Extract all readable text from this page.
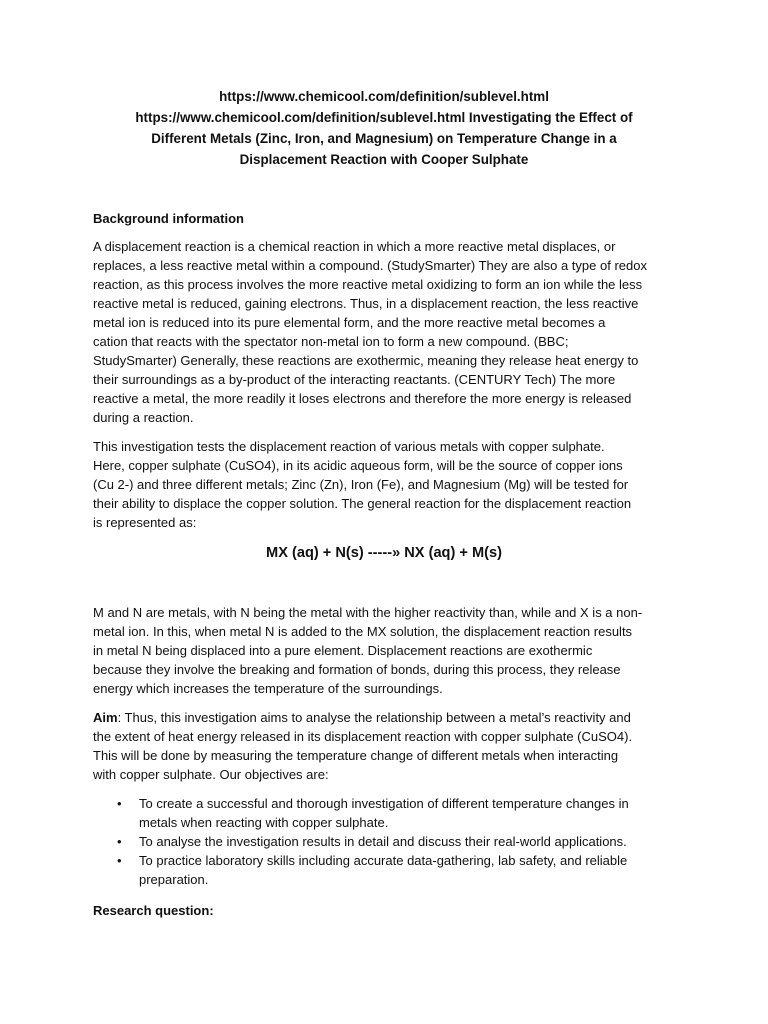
https://www.chemicool.com/definition/sublevel.html
https://www.chemicool.com/definition/sublevel.html Investigating the Effect of
Different Metals (Zinc, Iron, and Magnesium) on Temperature Change in a
Displacement Reaction with Cooper Sulphate
Background information
A displacement reaction is a chemical reaction in which a more reactive metal displaces, or
replaces, a less reactive metal within a compound. (StudySmarter) They are also a type of redox
reaction, as this process involves the more reactive metal oxidizing to form an ion while the less
reactive metal is reduced, gaining electrons. Thus, in a displacement reaction, the less reactive
metal ion is reduced into its pure elemental form, and the more reactive metal becomes a
cation that reacts with the spectator non-metal ion to form a new compound. (BBC;
StudySmarter) Generally, these reactions are exothermic, meaning they release heat energy to
their surroundings as a by-product of the interacting reactants. (CENTURY Tech) The more
reactive a metal, the more readily it loses electrons and therefore the more energy is released
during a reaction.
This investigation tests the displacement reaction of various metals with copper sulphate.
Here, copper sulphate (CuSO4), in its acidic aqueous form, will be the source of copper ions
(Cu 2-) and three different metals; Zinc (Zn), Iron (Fe), and Magnesium (Mg) will be tested for
their ability to displace the copper solution. The general reaction for the displacement reaction
is represented as:
MX (aq) + N(s) -----» NX (aq) + M(s)
M and N are metals, with N being the metal with the higher reactivity than, while and X is a non-
metal ion. In this, when metal N is added to the MX solution, the displacement reaction results
in metal N being displaced into a pure element. Displacement reactions are exothermic
because they involve the breaking and formation of bonds, during this process, they release
energy which increases the temperature of the surroundings.
Aim: Thus, this investigation aims to analyse the relationship between a metal’s reactivity and
the extent of heat energy released in its displacement reaction with copper sulphate (CuSO4).
This will be done by measuring the temperature change of different metals when interacting
with copper sulphate. Our objectives are:
• To create a successful and thorough investigation of different temperature changes in
metals when reacting with copper sulphate.
• To analyse the investigation results in detail and discuss their real-world applications.
• To practice laboratory skills including accurate data-gathering, lab safety, and reliable
preparation.
Research question:
